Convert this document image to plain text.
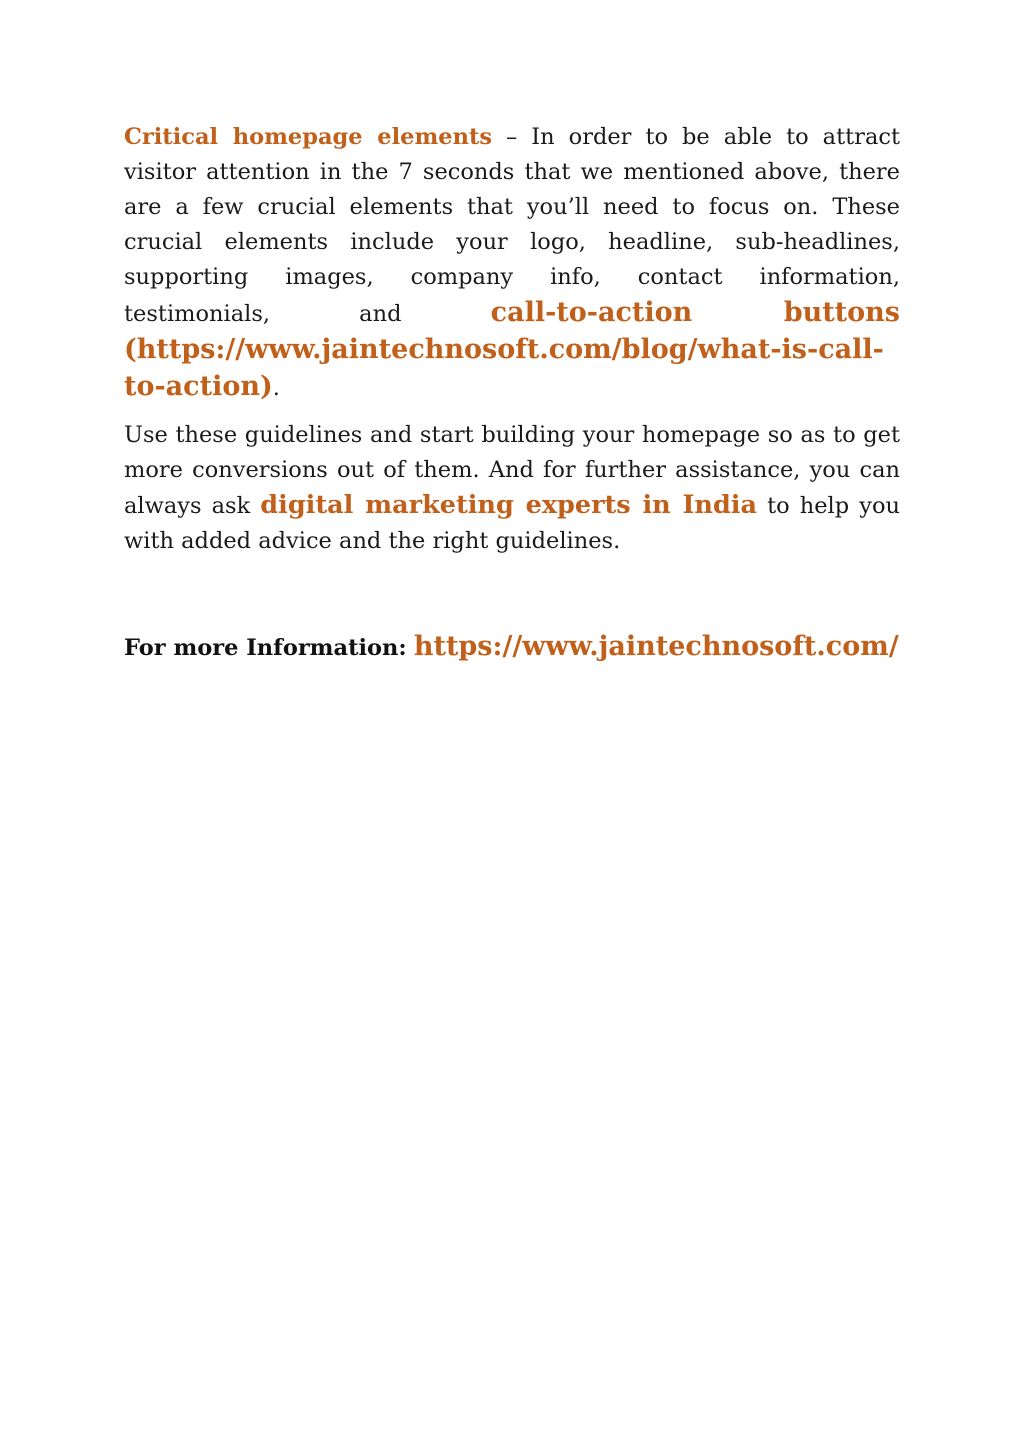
Critical homepage elements – In order to be able to attract visitor attention in the 7 seconds that we mentioned above, there are a few crucial elements that you’ll need to focus on. These crucial elements include your logo, headline, sub-headlines, supporting images, company info, contact information, testimonials, and call-to-action buttons (https://www.jaintechnosoft.com/blog/what-is-call-to-action).

Use these guidelines and start building your homepage so as to get more conversions out of them. And for further assistance, you can always ask digital marketing experts in India to help you with added advice and the right guidelines.

For more Information: https://www.jaintechnosoft.com/
